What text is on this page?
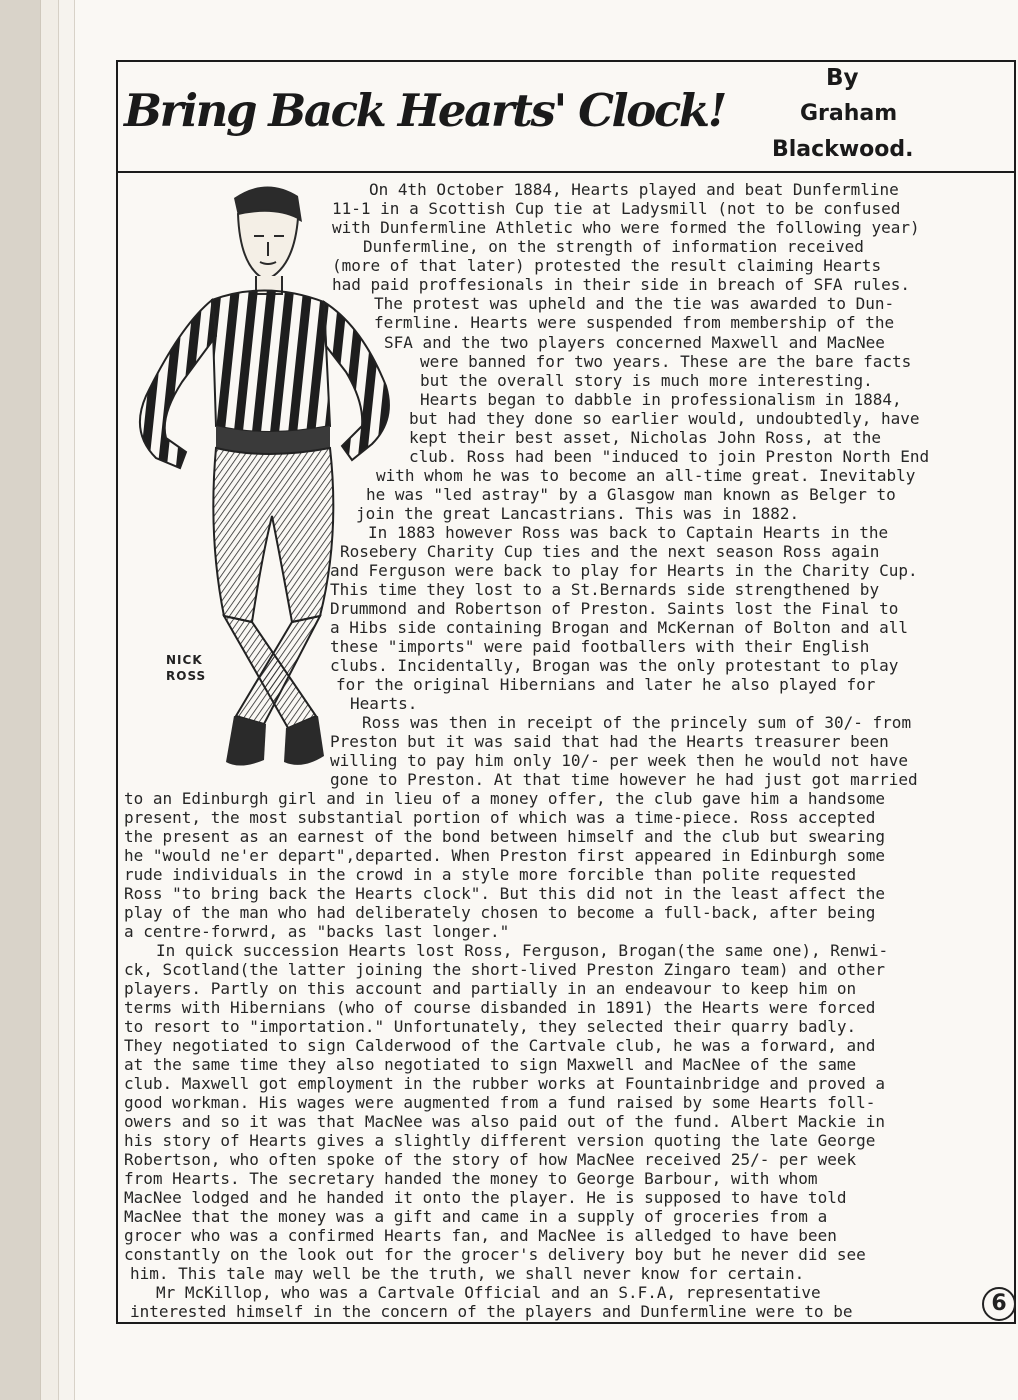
Bring Back Hearts' Clock!
By
Graham
Blackwood.
NICK
ROSS

On 4th October 1884, Hearts played and beat Dunfermline

11-1 in a Scottish Cup tie at Ladysmill (not to be confused

with Dunfermline Athletic who were formed the following year)

Dunfermline, on the strength of information received

(more of that later) protested the result claiming Hearts

had paid proffesionals in their side in breach of SFA rules.

The protest was upheld and the tie was awarded to Dun-

fermline. Hearts were suspended from membership of the

SFA and the two players concerned Maxwell and MacNee

were banned for two years. These are the bare facts

but the overall story is much more interesting.

Hearts began to dabble in professionalism in 1884,

but had they done so earlier would, undoubtedly, have

kept their best asset, Nicholas John Ross, at the

club. Ross had been "induced to join Preston North End

with whom he was to become an all-time great. Inevitably

he was "led astray" by a Glasgow man known as Belger to

join the great Lancastrians. This was in 1882.

In 1883 however Ross was back to Captain Hearts in the

Rosebery Charity Cup ties and the next season Ross again

and Ferguson were back to play for Hearts in the Charity Cup.

This time they lost to a St.Bernards side strengthened by

Drummond and Robertson of Preston. Saints lost the Final to

a Hibs side containing Brogan and McKernan of Bolton and all

these "imports" were paid footballers with their English

clubs. Incidentally, Brogan was the only protestant to play

for the original Hibernians and later he also played for

Hearts.

Ross was then in receipt of the princely sum of 30/- from

Preston but it was said that had the Hearts treasurer been

willing to pay him only 10/- per week then he would not have

gone to Preston. At that time however he had just got married

to an Edinburgh girl and in lieu of a money offer, the club gave him a handsome

present, the most substantial portion of which was a time-piece. Ross accepted

the present as an earnest of the bond between himself and the club but swearing

he "would ne'er depart",departed. When Preston first appeared in Edinburgh some

rude individuals in the crowd in a style more forcible than polite requested

Ross "to bring back the Hearts clock". But this did not in the least affect the

play of the man who had deliberately chosen to become a full-back, after being

a centre-forwrd, as "backs last longer."

In quick succession Hearts lost Ross, Ferguson, Brogan(the same one), Renwi-

ck, Scotland(the latter joining the short-lived Preston Zingaro team) and other

players. Partly on this account and partially in an endeavour to keep him on

terms with Hibernians (who of course disbanded in 1891) the Hearts were forced

to resort to "importation." Unfortunately, they selected their quarry badly.

They negotiated to sign Calderwood of the Cartvale club, he was a forward, and

at the same time they also negotiated to sign Maxwell and MacNee of the same

club. Maxwell got employment in the rubber works at Fountainbridge and proved a

good workman. His wages were augmented from a fund raised by some Hearts foll-

owers and so it was that MacNee was also paid out of the fund. Albert Mackie in

his story of Hearts gives a slightly different version quoting the late George

Robertson, who often spoke of the story of how MacNee received 25/- per week

from Hearts. The secretary handed the money to George Barbour, with whom

MacNee lodged and he handed it onto the player. He is supposed to have told

MacNee that the money was a gift and came in a supply of groceries from a

grocer who was a confirmed Hearts fan, and MacNee is alledged to have been

constantly on the look out for the grocer's delivery boy but he never did see

him. This tale may well be the truth, we shall never know for certain.

Mr McKillop, who was a Cartvale Official and an S.F.A, representative

interested himself in the concern of the players and Dunfermline were to be	6
